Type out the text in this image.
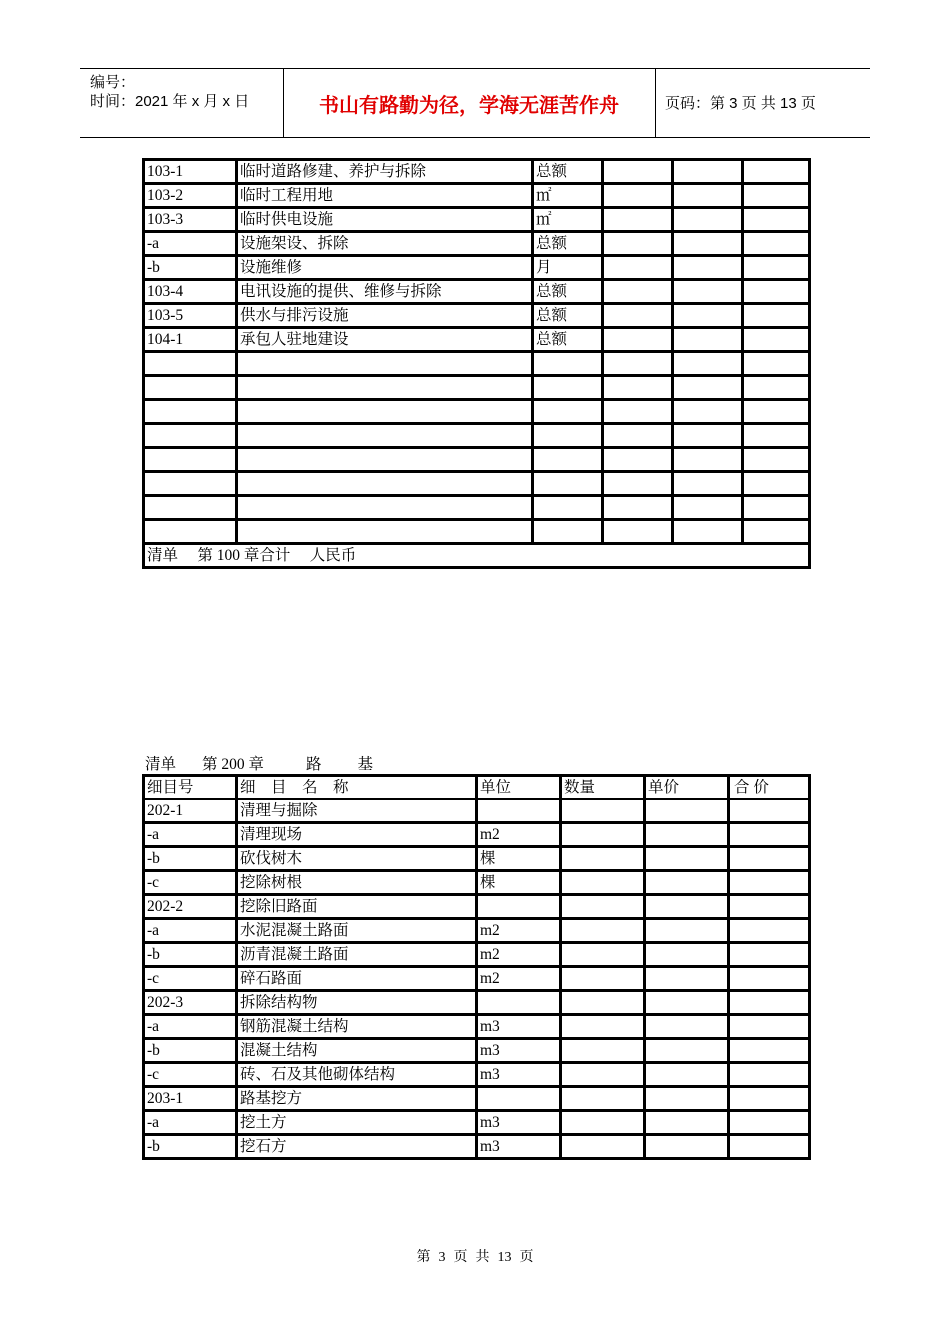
编号：
时间：2021 年 x 月 x 日	书山有路勤为径，学海无涯苦作舟	页码：第 3 页 共 13 页
103-1	临时道路修建、养护与拆除	总额			
103-2	临时工程用地	㎡			
103-3	临时供电设施	㎡			
-a	设施架设、拆除	总额			
-b	设施维修	月			
103-4	电讯设施的提供、维修与拆除	总额			
103-5	供水与排污设施	总额			
104-1	承包人驻地建设	总额			

清单　 第 100 章合计　 人民币					
清单 第 200 章	路 基
细目号	细　目　名　称	单位	数量	单价	合 价
202-1	清理与掘除				
-a	清理现场	m2			
-b	砍伐树木	棵			
-c	挖除树根	棵			
202-2	挖除旧路面				
-a	水泥混凝土路面	m2			
-b	沥青混凝土路面	m2			
-c	碎石路面	m2			
202-3	拆除结构物				
-a	钢筋混凝土结构	m3			
-b	混凝土结构	m3			
-c	砖、石及其他砌体结构	m3			
203-1	路基挖方				
-a	挖土方	m3			
-b	挖石方	m3			
第 3 页 共 13 页
